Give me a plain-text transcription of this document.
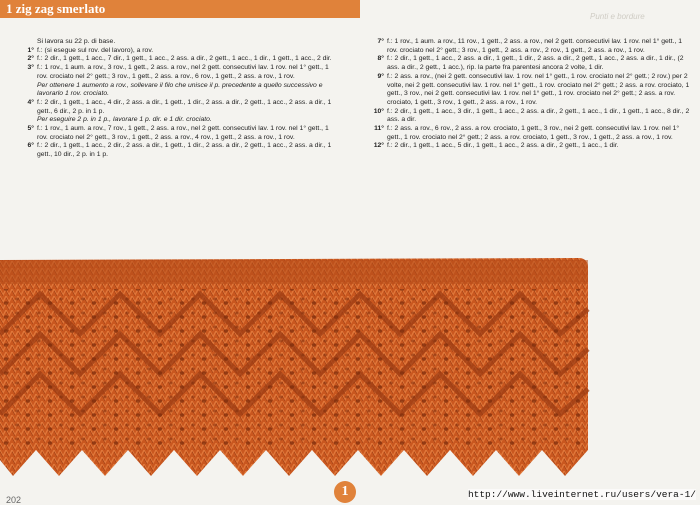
1 zig zag smerlato
Punti e bordure
Si lavora su 22 p. di base.
1° f.: (si esegue sul rov. del lavoro), a rov.
2° f.: 2 dir., 1 gett., 1 acc., 7 dir., 1 gett., 1 acc., 2 ass. a dir., 2 gett., 1 acc., 1 dir., 1 gett., 1 acc., 2 dir.
3° f.: 1 rov., 1 aum. a rov., 3 rov., 1 gett., 2 ass. a rov., nel 2 gett. consecutivi lav. 1 rov. nel 1° gett., 1 rov. crociato nel 2° gett.; 3 rov., 1 gett., 2 ass. a rov., 6 rov., 1 gett., 2 ass. a rov., 1 rov.
Per ottenere 1 aumento a rov., sollevare il filo che unisce il p. precedente a quello successivo e lavorarlo 1 rov. crociato.
4° f.: 2 dir., 1 gett., 1 acc., 4 dir., 2 ass. a dir., 1 gett., 1 dir., 2 ass. a dir., 2 gett., 1 acc., 2 ass. a dir., 1 gett., 6 dir., 2 p. in 1 p.
Per eseguire 2 p. in 1 p., lavorare 1 p. dir. e 1 dir. crociato.
5° f.: 1 rov., 1 aum. a rov., 7 rov., 1 gett., 2 ass. a rov., nel 2 gett. consecutivi lav. 1 rov. nel 1° gett., 1 rov. crociato nel 2° gett., 3 rov., 1 gett., 2 ass. a rov., 4 rov., 1 gett., 2 ass. a rov., 1 rov.
6° f.: 2 dir., 1 gett., 1 acc., 2 dir., 2 ass. a dir., 1 gett., 1 dir., 2 ass. a dir., 2 gett., 1 acc., 2 ass. a dir., 1 gett., 10 dir., 2 p. in 1 p.
7° f.: 1 rov., 1 aum. a rov., 11 rov., 1 gett., 2 ass. a rov., nel 2 gett. consecutivi lav. 1 rov. nel 1° gett., 1 rov. crociato nel 2° gett.; 3 rov., 1 gett., 2 ass. a rov., 2 rov., 1 gett., 2 ass. a rov., 1 rov.
8° f.: 2 dir., 1 gett., 1 acc., 2 ass. a dir., 1 gett., 1 dir., 2 ass. a dir., 2 gett., 1 acc., 2 ass. a dir., 1 dir., (2 ass. a dir., 2 gett., 1 acc.), rip. la parte fra parentesi ancora 2 volte, 1 dir.
9° f.: 2 ass. a rov., (nei 2 gett. consecutivi lav. 1 rov. nel 1° gett., 1 rov. crociato nel 2° gett.; 2 rov.) per 2 volte, nei 2 gett. consecutivi lav. 1 rov. nel 1° gett., 1 rov. crociato nel 2° gett.; 2 ass. a rov. crociato, 1 gett., 3 rov., nei 2 gett. consecutivi lav. 1 rov. nel 1° gett., 1 rov. crociato nel 2° gett.; 2 ass. a rov. crociato, 1 gett., 3 rov., 1 gett., 2 ass. a rov., 1 rov.
10° f.: 2 dir., 1 gett., 1 acc., 3 dir., 1 gett., 1 acc., 2 ass. a dir., 2 gett., 1 acc., 1 dir., 1 gett., 1 acc., 8 dir., 2 ass. a dir.
11° f.: 2 ass. a rov., 6 rov., 2 ass. a rov. crociato, 1 gett., 3 rov., nei 2 gett. consecutivi lav. 1 rov. nel 1° gett., 1 rov. crociato nel 2° gett.; 2 ass. a rov. crociato, 1 gett., 3 rov., 1 gett., 2 ass. a rov., 1 rov.
12° f.: 2 dir., 1 gett., 1 acc., 5 dir., 1 gett., 1 acc., 2 ass. a dir., 2 gett., 1 acc., 1 dir.
1
202	http://www.liveinternet.ru/users/vera-1/
